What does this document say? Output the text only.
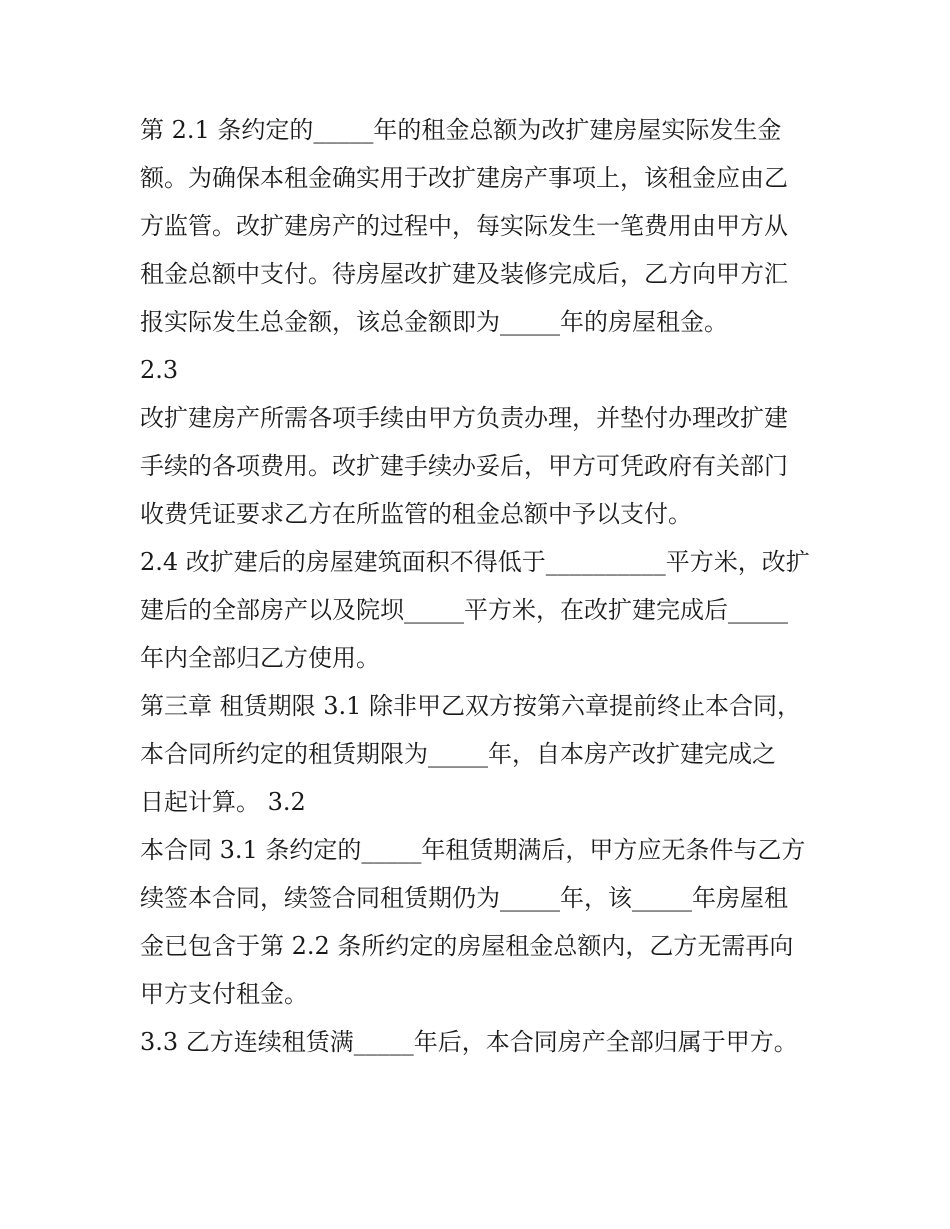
第 2.1 条约定的_____年的租金总额为改扩建房屋实际发生金
额。为确保本租金确实用于改扩建房产事项上，该租金应由乙
方监管。改扩建房产的过程中，每实际发生一笔费用由甲方从
租金总额中支付。待房屋改扩建及装修完成后，乙方向甲方汇
报实际发生总金额，该总金额即为_____年的房屋租金。
2.3
改扩建房产所需各项手续由甲方负责办理，并垫付办理改扩建
手续的各项费用。改扩建手续办妥后，甲方可凭政府有关部门
收费凭证要求乙方在所监管的租金总额中予以支付。
2.4 改扩建后的房屋建筑面积不得低于__________平方米，改扩
建后的全部房产以及院坝_____平方米，在改扩建完成后_____
年内全部归乙方使用。
第三章 租赁期限 3.1 除非甲乙双方按第六章提前终止本合同，
本合同所约定的租赁期限为_____年，自本房产改扩建完成之
日起计算。 3.2
本合同 3.1 条约定的_____年租赁期满后，甲方应无条件与乙方
续签本合同，续签合同租赁期仍为_____年，该_____年房屋租
金已包含于第 2.2 条所约定的房屋租金总额内，乙方无需再向
甲方支付租金。
3.3 乙方连续租赁满_____年后，本合同房产全部归属于甲方。
